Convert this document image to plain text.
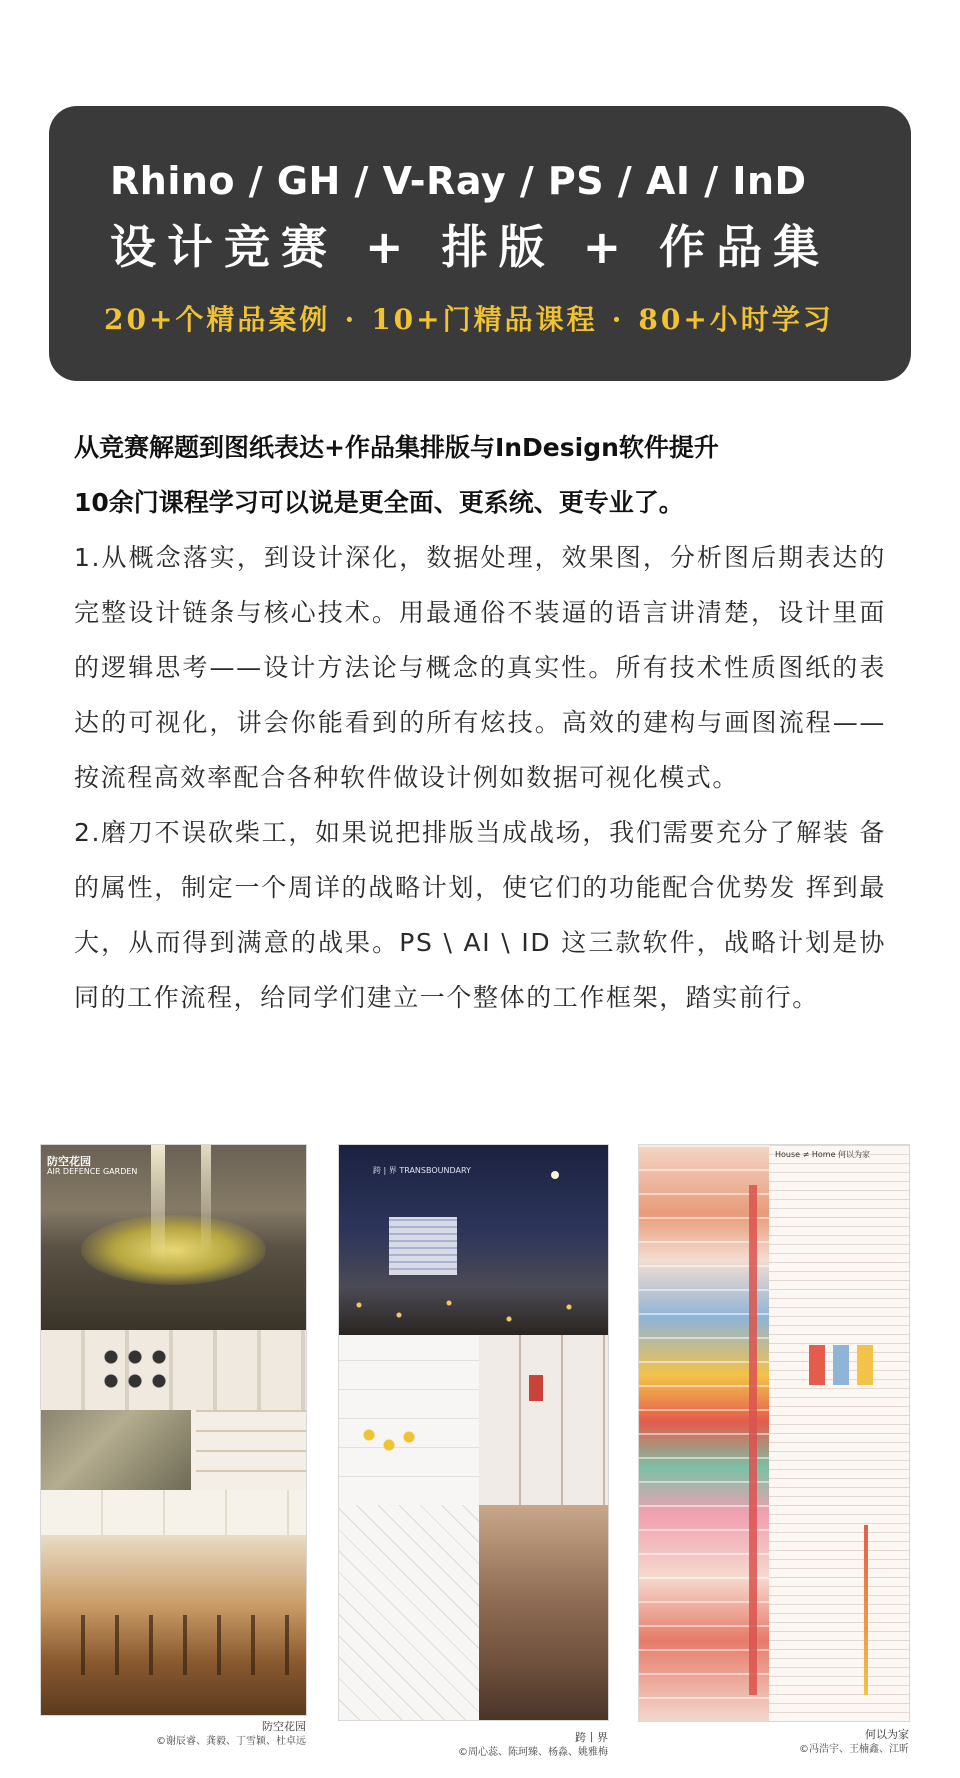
Rhino / GH / V-Ray / PS / AI / InD
设计竞赛 + 排版 + 作品集
20+个精品案例 · 10+门精品课程 · 80+小时学习

从竞赛解题到图纸表达+作品集排版与InDesign软件提升

10余门课程学习可以说是更全面、更系统、更专业了。

1.从概念落实，到设计深化，数据处理，效果图，分析图后期表达的完整设计链条与核心技术。用最通俗不装逼的语言讲清楚，设计里面的逻辑思考——设计方法论与概念的真实性。所有技术性质图纸的表达的可视化，讲会你能看到的所有炫技。高效的建构与画图流程——按流程高效率配合各种软件做设计例如数据可视化模式。

2.磨刀不误砍柴工，如果说把排版当成战场，我们需要充分了解装 备的属性，制定一个周详的战略计划，使它们的功能配合优势发 挥到最大，从而得到满意的战果。PS \ AI \ ID 这三款软件，战略计划是协同的工作流程，给同学们建立一个整体的工作框架，踏实前行。

防空花园
AIR DEFENCE GARDEN	跨 | 界 TRANSBOUNDARY
House ≠ Home 何以为家
防空花园
©谢辰睿、龚毅、丁雪颖、杜卓远	跨丨界
©周心蕊、陈珂臻、杨淼、姚雅梅
何以为家
©冯浩宇、王楠鑫、江昕
